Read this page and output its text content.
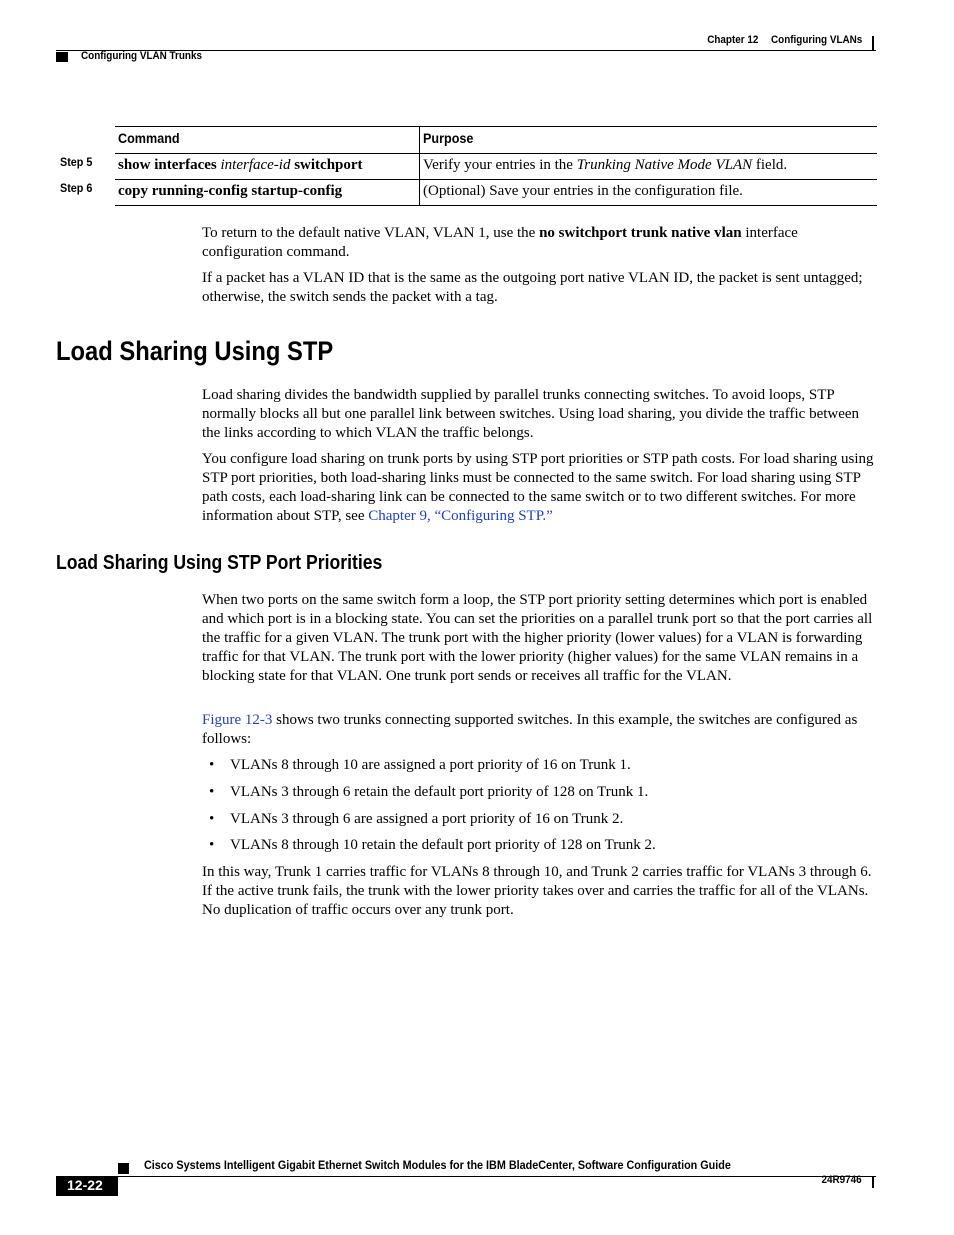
Chapter 12 Configuring VLANs
Configuring VLAN Trunks
Step 5
Step 6
Command	Purpose
show interfaces interface-id switchport	Verify your entries in the Trunking Native Mode VLAN field.
copy running-config startup-config	(Optional) Save your entries in the configuration file.

To return to the default native VLAN, VLAN 1, use the no switchport trunk native vlan interface configuration command.

If a packet has a VLAN ID that is the same as the outgoing port native VLAN ID, the packet is sent untagged; otherwise, the switch sends the packet with a tag.

Load Sharing Using STP

Load sharing divides the bandwidth supplied by parallel trunks connecting switches. To avoid loops, STP normally blocks all but one parallel link between switches. Using load sharing, you divide the traffic between the links according to which VLAN the traffic belongs.

You configure load sharing on trunk ports by using STP port priorities or STP path costs. For load sharing using STP port priorities, both load-sharing links must be connected to the same switch. For load sharing using STP path costs, each load-sharing link can be connected to the same switch or to two different switches. For more information about STP, see Chapter 9, “Configuring STP.”

Load Sharing Using STP Port Priorities

When two ports on the same switch form a loop, the STP port priority setting determines which port is enabled and which port is in a blocking state. You can set the priorities on a parallel trunk port so that the port carries all the traffic for a given VLAN. The trunk port with the higher priority (lower values) for a VLAN is forwarding traffic for that VLAN. The trunk port with the lower priority (higher values) for the same VLAN remains in a blocking state for that VLAN. One trunk port sends or receives all traffic for the VLAN.

Figure 12-3 shows two trunks connecting supported switches. In this example, the switches are configured as follows:

• VLANs 8 through 10 are assigned a port priority of 16 on Trunk 1.
• VLANs 3 through 6 retain the default port priority of 128 on Trunk 1.
• VLANs 3 through 6 are assigned a port priority of 16 on Trunk 2.
• VLANs 8 through 10 retain the default port priority of 128 on Trunk 2.

In this way, Trunk 1 carries traffic for VLANs 8 through 10, and Trunk 2 carries traffic for VLANs 3 through 6. If the active trunk fails, the trunk with the lower priority takes over and carries the traffic for all of the VLANs. No duplication of traffic occurs over any trunk port.

Cisco Systems Intelligent Gigabit Ethernet Switch Modules for the IBM BladeCenter, Software Configuration Guide
12-22	24R9746
